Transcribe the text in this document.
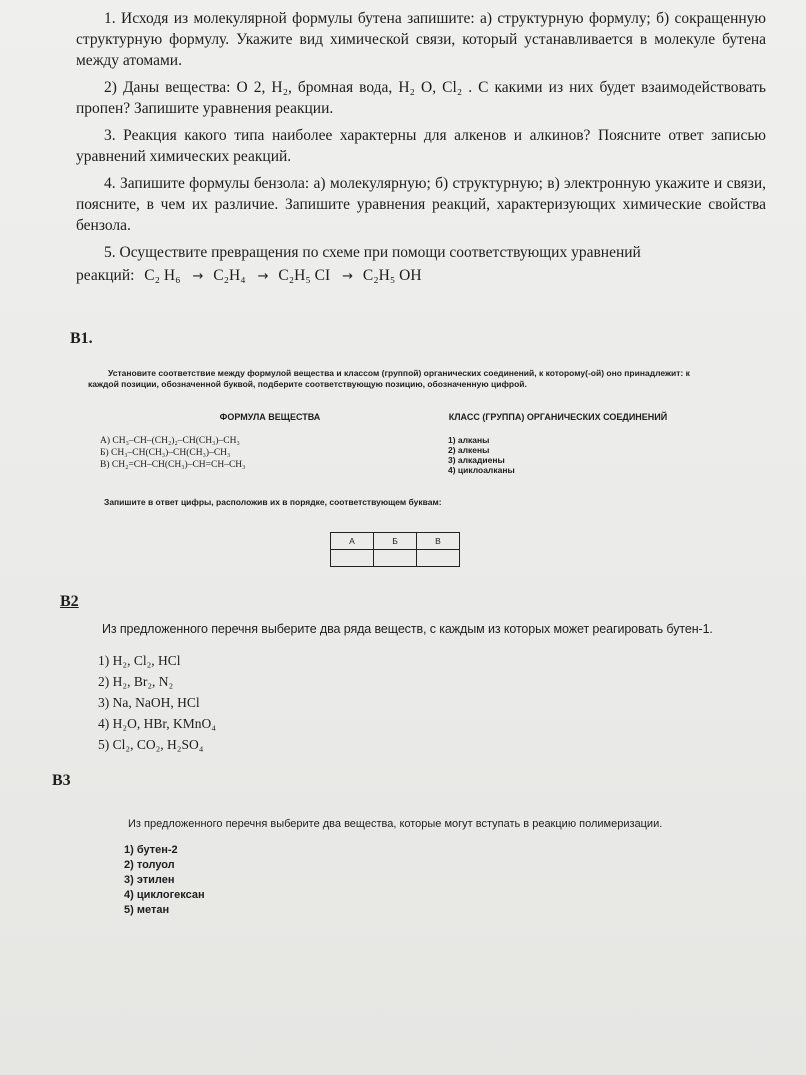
1. Исходя из молекулярной формулы бутена запишите: а) структурную формулу; б) сокращенную структурную формулу. Укажите вид химической связи, который устанавливается в молекуле бутена между атомами.

2) Даны вещества: О 2, Н₂, бромная вода, Н₂ О, Сl₂ . С какими из них будет взаимодействовать пропен? Запишите уравнения реакции.

3. Реакция какого типа наиболее характерны для алкенов и алкинов? Поясните ответ записью уравнений химических реакций.

4. Запишите формулы бензола: а) молекулярную; б) структурную; в) электронную укажите и связи, поясните, в чем их различие. Запишите уравнения реакций, характеризующих химические свойства бензола.

5. Осуществите превращения по схеме при помощи соответствующих уравнений

реакций: C₂ H₆ → C₂H₄ → C₂H₅ CI → C₂H₅ OH
В1.
Установите соответствие между формулой вещества и классом (группой) органических соединений, к которому(-ой) оно принадлежит: к каждой позиции, обозначенной буквой, подберите соответствующую позицию, обозначенную цифрой.
ФОРМУЛА ВЕЩЕСТВА
А) CH₃–CH–(CH₂)₂–CH(CH₃)–CH₃
Б) CH₃–CH(CH₃)–CH(CH₃)–CH₃
В) CH₂=CH–CH(CH₃)–CH=CH–CH₃
КЛАСС (ГРУППА) ОРГАНИЧЕСКИХ СОЕДИНЕНИЙ
1) алканы
2) алкены
3) алкадиены
4) циклоалканы
Запишите в ответ цифры, расположив их в порядке, соответствующем буквам:
А	Б	В

В2
Из предложенного перечня выберите два ряда веществ, с каждым из которых может реагировать бутен-1.
1) H₂, Cl₂, HCl
2) H₂, Br₂, N₂
3) Na, NaOH, HCl
4) H₂O, HBr, KMnO₄
5) Cl₂, CO₂, H₂SO₄
В3
Из предложенного перечня выберите два вещества, которые могут вступать в реакцию полимеризации.
1) бутен-2
2) толуол
3) этилен
4) циклогексан
5) метан
